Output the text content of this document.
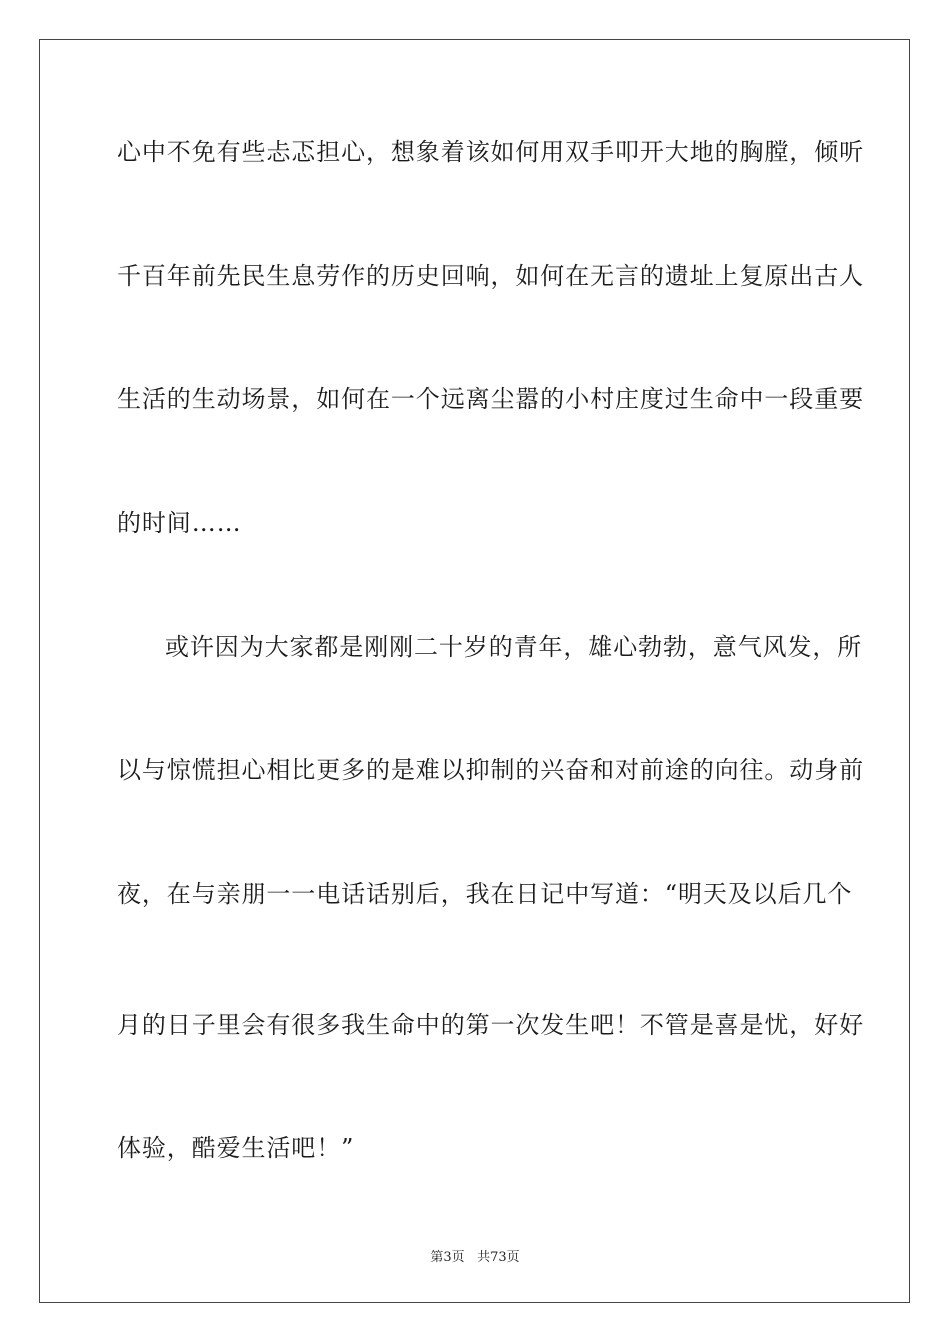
心中不免有些忐忑担心，想象着该如何用双手叩开大地的胸膛，倾听
千百年前先民生息劳作的历史回响，如何在无言的遗址上复原出古人
生活的生动场景，如何在一个远离尘嚣的小村庄度过生命中一段重要
的时间……
或许因为大家都是刚刚二十岁的青年，雄心勃勃，意气风发，所
以与惊慌担心相比更多的是难以抑制的兴奋和对前途的向往。动身前
夜，在与亲朋一一电话话别后，我在日记中写道：“明天及以后几个
月的日子里会有很多我生命中的第一次发生吧！不管是喜是忧，好好
体验，酷爱生活吧！”
第3页 共73页
